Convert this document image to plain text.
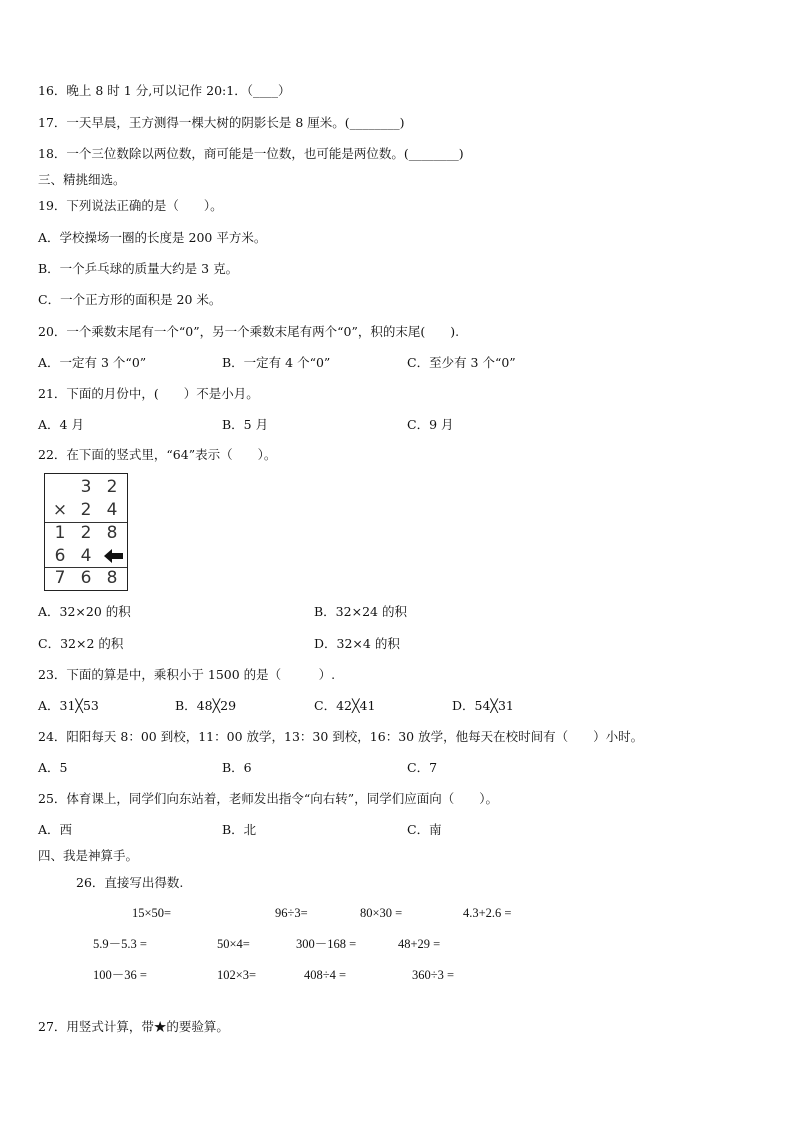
16．晚上 8 时 1 分,可以记作 20:1．（____）
17．一天早晨，王方测得一棵大树的阴影长是 8 厘米。(________)
18．一个三位数除以两位数，商可能是一位数，也可能是两位数。(________)
三、精挑细选。
19．下列说法正确的是（　　）。
A．学校操场一圈的长度是 200 平方米。
B．一个乒乓球的质量大约是 3 克。
C．一个正方形的面积是 20 米。
20．一个乘数末尾有一个“0”，另一个乘数末尾有两个“0”，积的末尾(　　).
A．一定有 3 个“0”	B．一定有 4 个“0”	C．至少有 3 个“0”
21．下面的月份中，(　　）不是小月。
A．4 月	B．5 月	C．9 月
22．在下面的竖式里，“64”表示（　　）。
3 2
× 2 4
1 2 8
6 4
7 6 8
A．32×20 的积	B．32×24 的积
C．32×2 的积	D．32×4 的积
23．下面的算是中，乘积小于 1500 的是（　　　）.
A．31╳53	B．48╳29	C．42╳41	D．54╳31
24．阳阳每天 8：00 到校，11：00 放学，13：30 到校，16：30 放学，他每天在校时间有（　　）小时。
A．5	B．6	C．7
25．体育课上，同学们向东站着，老师发出指令“向右转”，同学们应面向（　　）。
A．西	B．北	C．南
四、我是神算手。
26．直接写出得数.
15×50=	96÷3=	80×30 =	4.3+2.6 =
5.9－5.3 =	50×4=	300－168 =	48+29 =
100－36 =	102×3=	408÷4 =	360÷3 =
27．用竖式计算，带★的要验算。
